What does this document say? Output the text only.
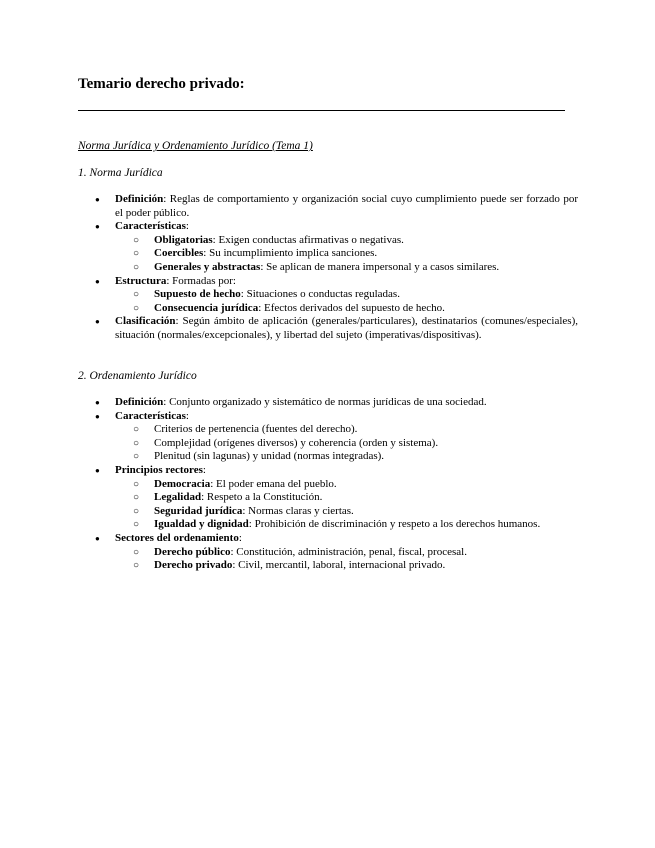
Temario derecho privado:

Norma Jurídica y Ordenamiento Jurídico (Tema 1)

1. Norma Jurídica

● Definición: Reglas de comportamiento y organización social cuyo cumplimiento puede ser forzado por el poder público.
● Características:
○ Obligatorias: Exigen conductas afirmativas o negativas.
○ Coercibles: Su incumplimiento implica sanciones.
○ Generales y abstractas: Se aplican de manera impersonal y a casos similares.
● Estructura: Formadas por:
○ Supuesto de hecho: Situaciones o conductas reguladas.
○ Consecuencia jurídica: Efectos derivados del supuesto de hecho.
● Clasificación: Según ámbito de aplicación (generales/particulares), destinatarios (comunes/especiales), situación (normales/excepcionales), y libertad del sujeto (imperativas/dispositivas).

2. Ordenamiento Jurídico

● Definición: Conjunto organizado y sistemático de normas jurídicas de una sociedad.
● Características:
○ Criterios de pertenencia (fuentes del derecho).
○ Complejidad (orígenes diversos) y coherencia (orden y sistema).
○ Plenitud (sin lagunas) y unidad (normas integradas).
● Principios rectores:
○ Democracia: El poder emana del pueblo.
○ Legalidad: Respeto a la Constitución.
○ Seguridad jurídica: Normas claras y ciertas.
○ Igualdad y dignidad: Prohibición de discriminación y respeto a los derechos humanos.
● Sectores del ordenamiento:
○ Derecho público: Constitución, administración, penal, fiscal, procesal.
○ Derecho privado: Civil, mercantil, laboral, internacional privado.
